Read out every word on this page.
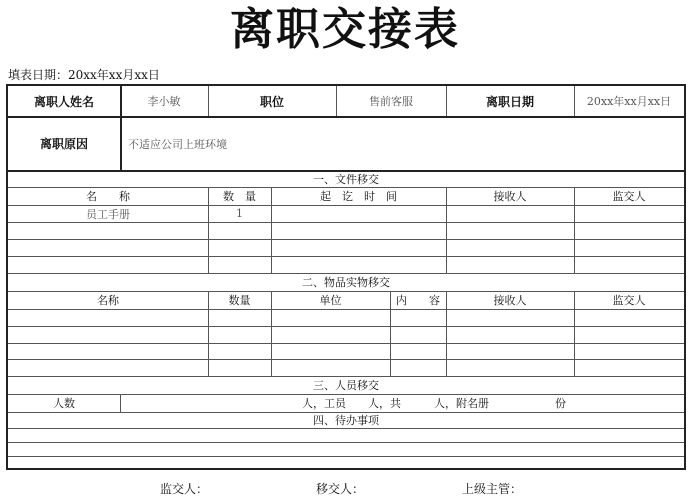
离职交接表
填表日期：20xx年xx月xx日
离职人姓名	李小敏	职位	售前客服	离职日期	20xx年xx月xx日
离职原因	不适应公司上班环境
一、文件移交
名　　称	数　量	起　讫　时　间	接收人	监交人
员工手册	1
二、物品实物移交
名称	数量	单位	内　　容	接收人	监交人
三、人员移交
人数	人，工员　　人，共　　　人，附名册　　　　　　份
四、待办事项
监交人：	移交人：	上级主管：
